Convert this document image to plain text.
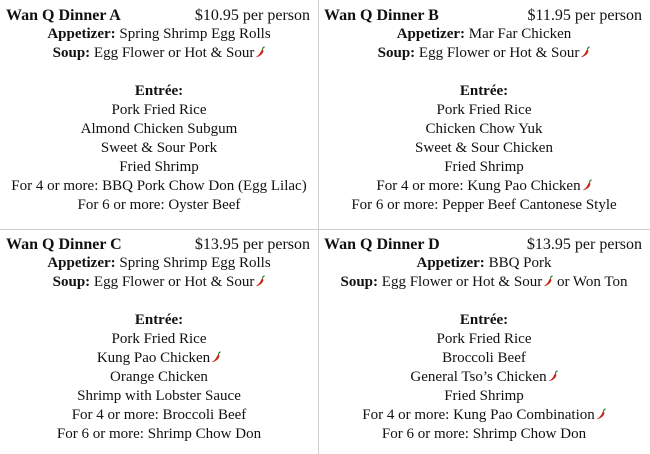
Wan Q Dinner A	$10.95 per person
Appetizer: Spring Shrimp Egg Rolls
Soup: Egg Flower or Hot & Sour
Entrée:
Pork Fried Rice
Almond Chicken Subgum
Sweet & Sour Pork
Fried Shrimp
For 4 or more: BBQ Pork Chow Don (Egg Lilac)
For 6 or more: Oyster Beef
Wan Q Dinner B	$11.95 per person
Appetizer: Mar Far Chicken
Soup: Egg Flower or Hot & Sour
Entrée:
Pork Fried Rice
Chicken Chow Yuk
Sweet & Sour Chicken
Fried Shrimp
For 4 or more: Kung Pao Chicken
For 6 or more: Pepper Beef Cantonese Style
Wan Q Dinner C	$13.95 per person
Appetizer: Spring Shrimp Egg Rolls
Soup: Egg Flower or Hot & Sour
Entrée:
Pork Fried Rice
Kung Pao Chicken
Orange Chicken
Shrimp with Lobster Sauce
For 4 or more: Broccoli Beef
For 6 or more: Shrimp Chow Don
Wan Q Dinner D	$13.95 per person
Appetizer: BBQ Pork
Soup: Egg Flower or Hot & Sour or Won Ton
Entrée:
Pork Fried Rice
Broccoli Beef
General Tso’s Chicken
Fried Shrimp
For 4 or more: Kung Pao Combination
For 6 or more: Shrimp Chow Don
